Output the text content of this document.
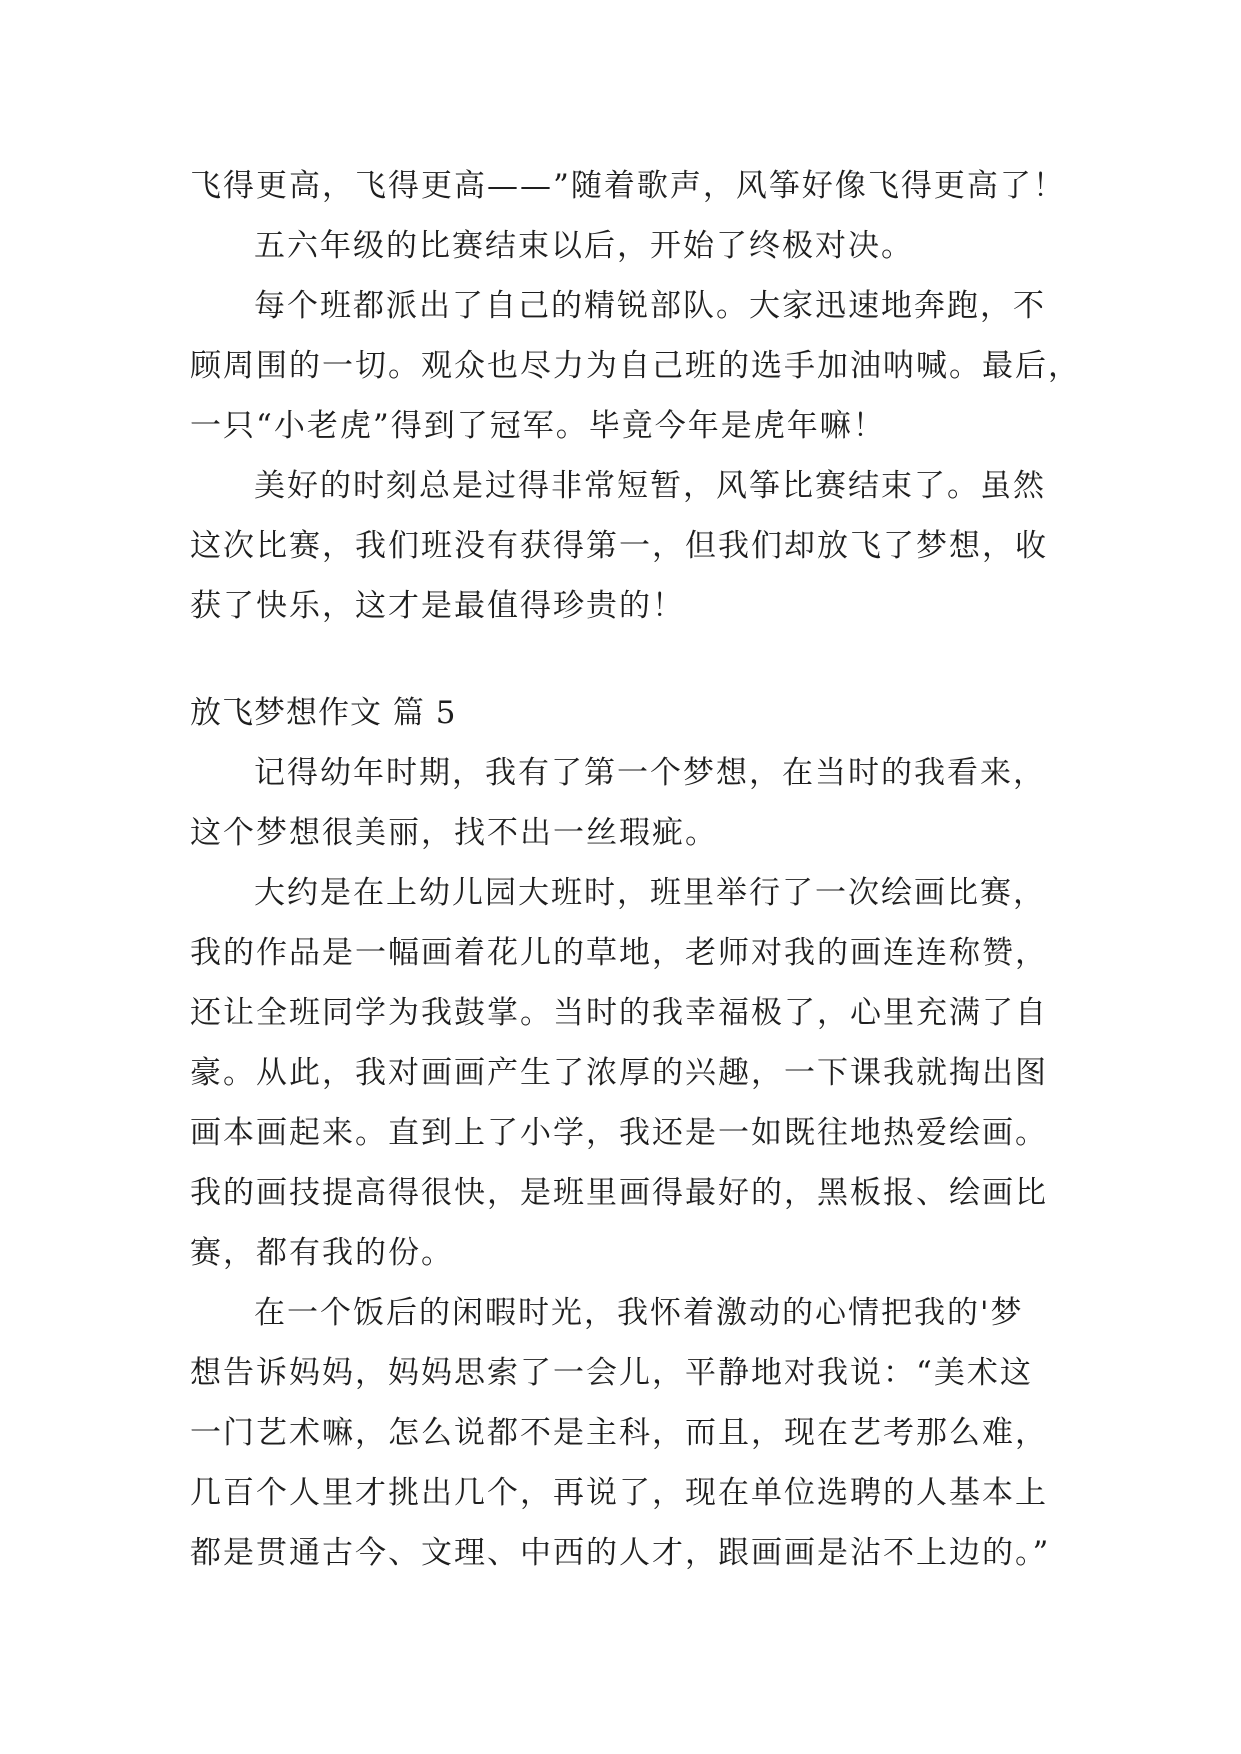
飞得更高，飞得更高——”随着歌声，风筝好像飞得更高了！
五六年级的比赛结束以后，开始了终极对决。
每个班都派出了自己的精锐部队。大家迅速地奔跑，不
顾周围的一切。观众也尽力为自己班的选手加油呐喊。最后，
一只“小老虎”得到了冠军。毕竟今年是虎年嘛！
美好的时刻总是过得非常短暂，风筝比赛结束了。虽然
这次比赛，我们班没有获得第一，但我们却放飞了梦想，收
获了快乐，这才是最值得珍贵的！
放飞梦想作文 篇 5
记得幼年时期，我有了第一个梦想，在当时的我看来，
这个梦想很美丽，找不出一丝瑕疵。
大约是在上幼儿园大班时，班里举行了一次绘画比赛，
我的作品是一幅画着花儿的草地，老师对我的画连连称赞，
还让全班同学为我鼓掌。当时的我幸福极了，心里充满了自
豪。从此，我对画画产生了浓厚的兴趣，一下课我就掏出图
画本画起来。直到上了小学，我还是一如既往地热爱绘画。
我的画技提高得很快，是班里画得最好的，黑板报、绘画比
赛，都有我的份。
在一个饭后的闲暇时光，我怀着激动的心情把我的'梦
想告诉妈妈，妈妈思索了一会儿，平静地对我说：“美术这
一门艺术嘛，怎么说都不是主科，而且，现在艺考那么难，
几百个人里才挑出几个，再说了，现在单位选聘的人基本上
都是贯通古今、文理、中西的人才，跟画画是沾不上边的。”
